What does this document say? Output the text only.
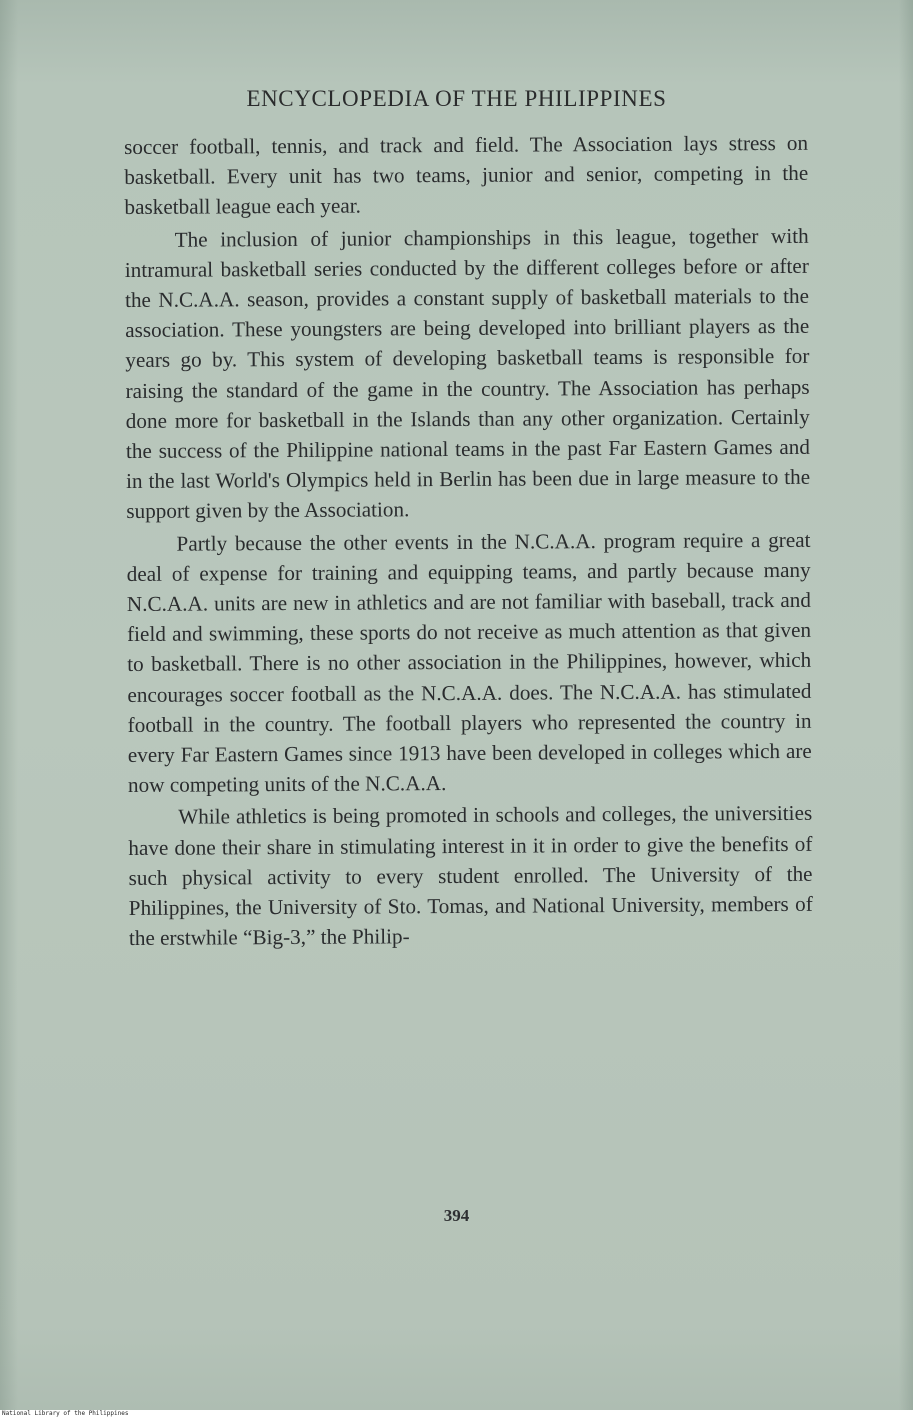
ENCYCLOPEDIA OF THE PHILIPPINES

soccer football, tennis, and track and field. The Association lays stress on basketball. Every unit has two teams, junior and senior, competing in the basketball league each year.

The inclusion of junior championships in this league, together with intramural basketball series conducted by the different colleges before or after the N.C.A.A. season, provides a constant supply of basketball materials to the association. These youngsters are being developed into brilliant players as the years go by. This system of developing basketball teams is responsible for raising the standard of the game in the country. The Association has perhaps done more for basketball in the Islands than any other organization. Certainly the success of the Philippine national teams in the past Far Eastern Games and in the last World's Olympics held in Berlin has been due in large measure to the support given by the Association.

Partly because the other events in the N.C.A.A. program require a great deal of expense for training and equipping teams, and partly because many N.C.A.A. units are new in athletics and are not familiar with baseball, track and field and swimming, these sports do not receive as much attention as that given to basketball. There is no other association in the Philippines, however, which encourages soccer football as the N.C.A.A. does. The N.C.A.A. has stimulated football in the country. The football players who represented the country in every Far Eastern Games since 1913 have been developed in colleges which are now competing units of the N.C.A.A.

While athletics is being promoted in schools and colleges, the universities have done their share in stimulating interest in it in order to give the benefits of such physical activity to every student enrolled. The University of the Philippines, the University of Sto. Tomas, and National University, members of the erstwhile “Big-3,” the Philip-

394
National Library of the Philippines
